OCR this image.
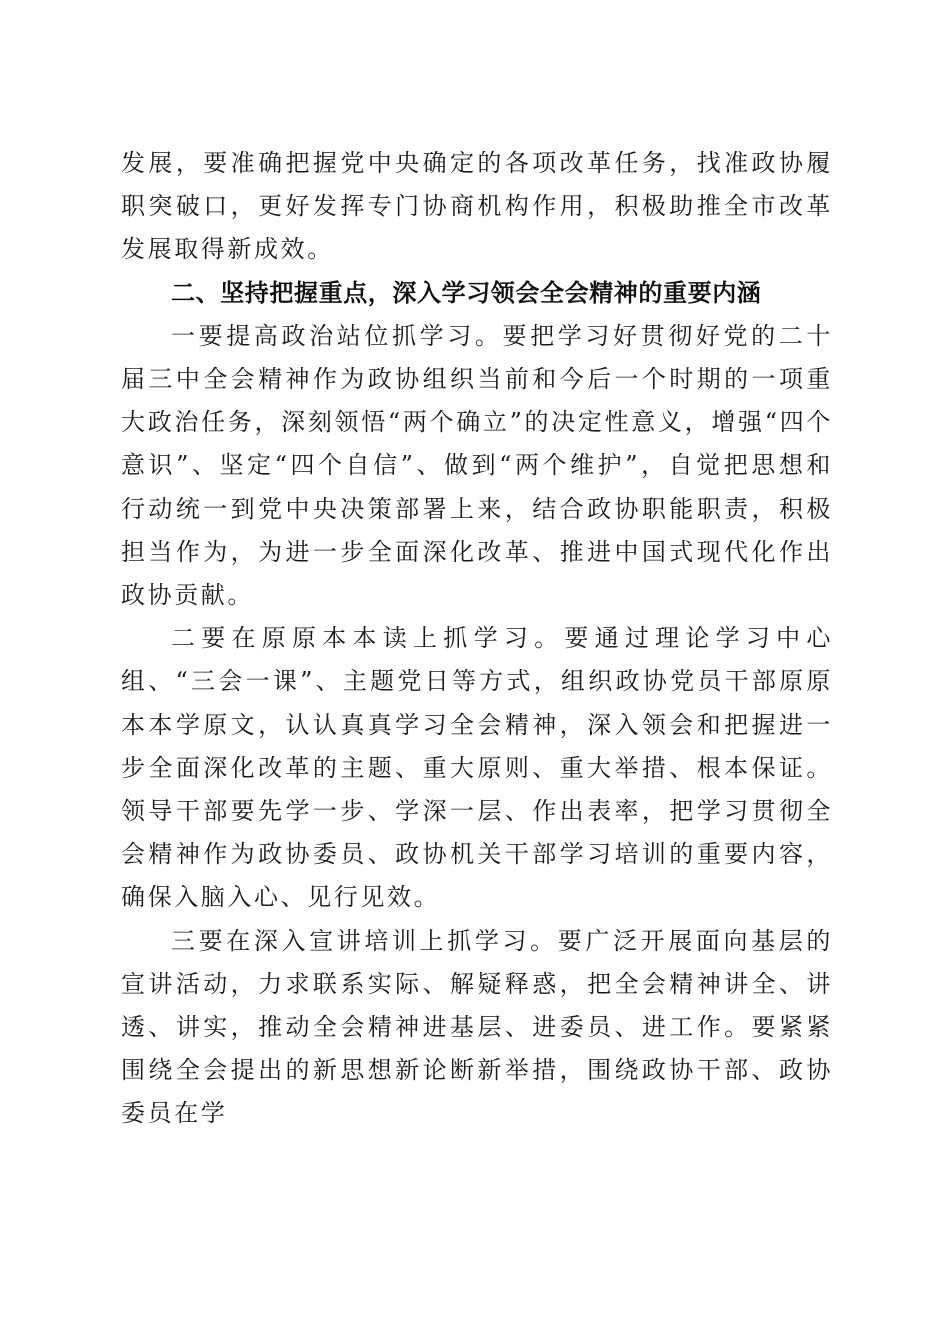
发展，要准确把握党中央确定的各项改革任务，找准政协履职突破口，更好发挥专门协商机构作用，积极助推全市改革发展取得新成效。

二、坚持把握重点，深入学习领会全会精神的重要内涵

一要提高政治站位抓学习。要把学习好贯彻好党的二十届三中全会精神作为政协组织当前和今后一个时期的一项重大政治任务，深刻领悟“两个确立”的决定性意义，增强“四个意识”、坚定“四个自信”、做到“两个维护”，自觉把思想和行动统一到党中央决策部署上来，结合政协职能职责，积极担当作为，为进一步全面深化改革、推进中国式现代化作出政协贡献。

二要在原原本本读上抓学习。要通过理论学习中心组、“三会一课”、主题党日等方式，组织政协党员干部原原本本学原文，认认真真学习全会精神，深入领会和把握进一步全面深化改革的主题、重大原则、重大举措、根本保证。领导干部要先学一步、学深一层、作出表率，把学习贯彻全会精神作为政协委员、政协机关干部学习培训的重要内容，确保入脑入心、见行见效。

三要在深入宣讲培训上抓学习。要广泛开展面向基层的宣讲活动，力求联系实际、解疑释惑，把全会精神讲全、讲透、讲实，推动全会精神进基层、进委员、进工作。要紧紧围绕全会提出的新思想新论断新举措，围绕政协干部、政协委员在学
